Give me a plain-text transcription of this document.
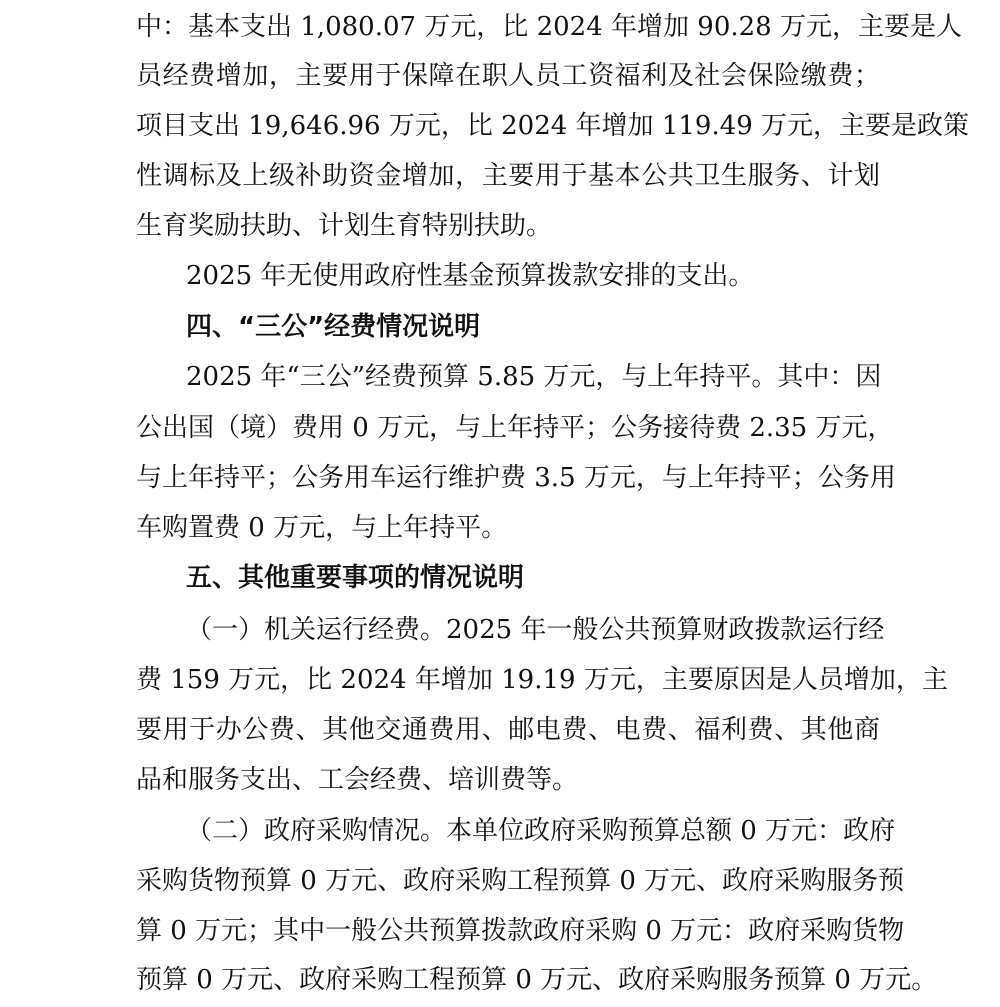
中：基本支出 1,080.07 万元，比 2024 年增加 90.28 万元，主要是人
员经费增加，主要用于保障在职人员工资福利及社会保险缴费；
项目支出 19,646.96 万元，比 2024 年增加 119.49 万元，主要是政策
性调标及上级补助资金增加，主要用于基本公共卫生服务、计划
生育奖励扶助、计划生育特别扶助。
2025 年无使用政府性基金预算拨款安排的支出。
四、“三公”经费情况说明
2025 年“三公”经费预算 5.85 万元，与上年持平。其中：因
公出国（境）费用 0 万元，与上年持平；公务接待费 2.35 万元，
与上年持平；公务用车运行维护费 3.5 万元，与上年持平；公务用
车购置费 0 万元，与上年持平。
五、其他重要事项的情况说明
（一）机关运行经费。2025 年一般公共预算财政拨款运行经
费 159 万元，比 2024 年增加 19.19 万元，主要原因是人员增加，主
要用于办公费、其他交通费用、邮电费、电费、福利费、其他商
品和服务支出、工会经费、培训费等。
（二）政府采购情况。本单位政府采购预算总额 0 万元：政府
采购货物预算 0 万元、政府采购工程预算 0 万元、政府采购服务预
算 0 万元；其中一般公共预算拨款政府采购 0 万元：政府采购货物
预算 0 万元、政府采购工程预算 0 万元、政府采购服务预算 0 万元。
